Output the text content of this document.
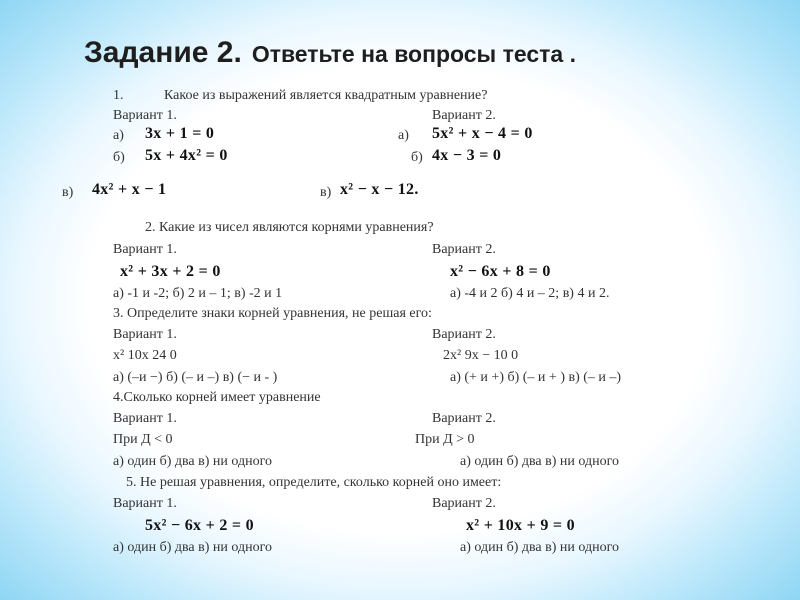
Задание 2. Ответьте на вопросы теста .
1.	Какое из выражений является квадратным уравнение?
Вариант 1.	Вариант 2.
а) 3x + 1 = 0	а) 5x² + x − 4 = 0
б) 5x + 4x² = 0	б) 4x − 3 = 0
в) 4x² + x − 1	в) x² − x − 12.
2. Какие из чисел являются корнями уравнения?
Вариант 1.	Вариант 2.
x² + 3x + 2 = 0	x² − 6x + 8 = 0
а) -1 и -2; б) 2 и – 1; в) -2 и 1	а) -4 и 2 б) 4 и – 2; в) 4 и 2.
3. Определите знаки корней уравнения, не решая его:
Вариант 1.	Вариант 2.
x² 10x 24 0	2x² 9x − 10 0
а) (–и −) б) (– и –) в) (− и - )	а) (+ и +) б) (– и + ) в) (– и –)
4.Сколько корней имеет уравнение
Вариант 1.	Вариант 2.
При Д < 0	При Д > 0
а) один б) два в) ни одного	а) один б) два в) ни одного
5. Не решая уравнения, определите, сколько корней оно имеет:
Вариант 1.	Вариант 2.
5x² − 6x + 2 = 0	x² + 10x + 9 = 0
а) один б) два в) ни одного	а) один б) два в) ни одного
